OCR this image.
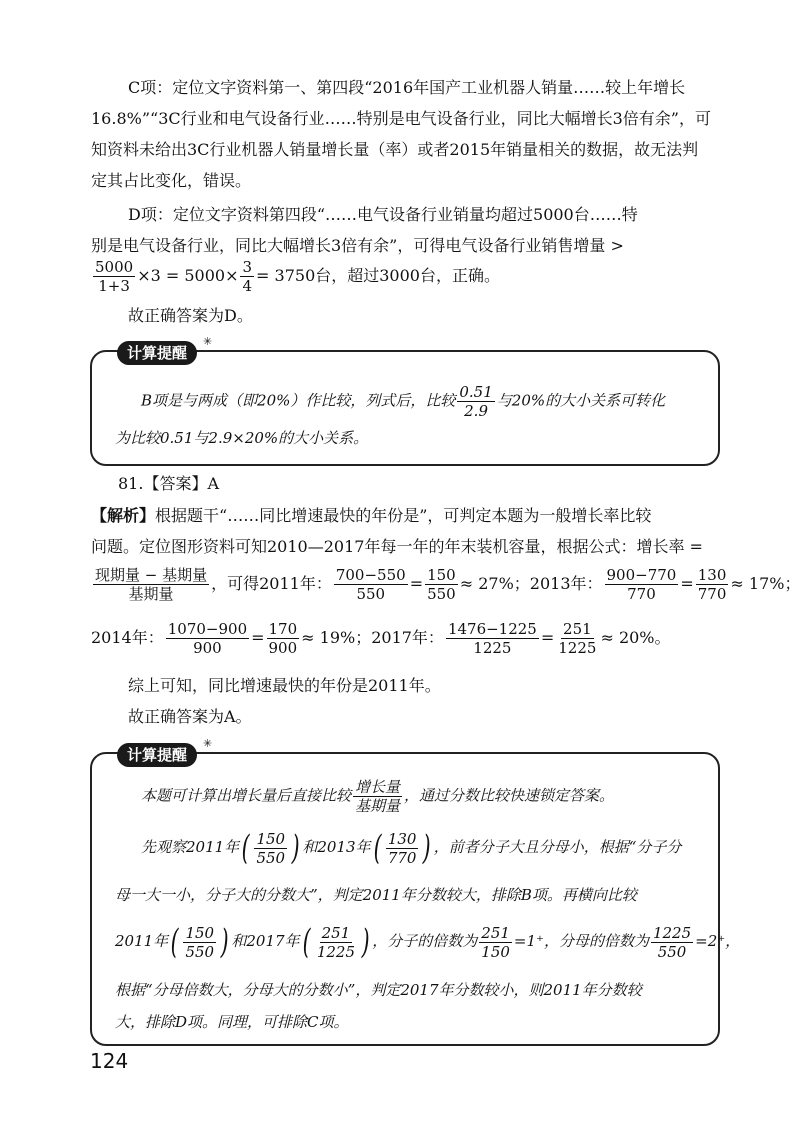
C项：定位文字资料第一、第四段“2016年国产工业机器人销量……较上年增长
16.8%”“3C行业和电气设备行业……特别是电气设备行业，同比大幅增长3倍有余”，可
知资料未给出3C行业机器人销量增长量（率）或者2015年销量相关的数据，故无法判
定其占比变化，错误。
D项：定位文字资料第四段“……电气设备行业销量均超过5000台……特
别是电气设备行业，同比大幅增长3倍有余”，可得电气设备行业销售增量 >
$\frac{5000}{1+3} \times 3 = 5000\times \frac{3}{4} = 3750$台，超过3000台，正确。
故正确答案为D。
计算提醒
✳
B项是与两成（即20%）作比较，列式后，比较 $\frac{0.51}{2.9}$ 与20%的大小关系可转化
为比较0.51与2.9×20%的大小关系。
81.【答案】A
【解析】根据题干“……同比增速最快的年份是”，可判定本题为一般增长率比较
问题。定位图形资料可知2010—2017年每一年的年末装机容量，根据公式：增长率 =
$\frac{\text{现期量 − 基期量}}{\text{基期量}}$ ，可得2011年： $\frac{700-550}{550} = \frac{150}{550} \approx 27\%$；2013年： $\frac{900-770}{770} = \frac{130}{770} \approx 17\%$；
2014年： $\frac{1070-900}{900} = \frac{170}{900} \approx 19\%$；2017年： $\frac{1476-1225}{1225} = \frac{251}{1225} \approx 20\%$。
综上可知，同比增速最快的年份是2011年。
故正确答案为A。
计算提醒
✳
本题可计算出增长量后直接比较 $\frac{\text{增长量}}{\text{基期量}}$ ，通过分数比较快速锁定答案。
先观察2011年 ( $\frac{150}{550}$ ) 和2013年 ( $\frac{130}{770}$ ) ，前者分子大且分母小，根据“分子分
母一大一小，分子大的分数大”，判定2011年分数较大，排除B项。再横向比较
2011年 ( $\frac{150}{550}$ ) 和2017年 ( $\frac{251}{1225}$ ) ，分子的倍数为 $\frac{251}{150} =1^+$，分母的倍数为 $\frac{1225}{550} =2^+$，
根据“分母倍数大，分母大的分数小”，判定2017年分数较小，则2011年分数较
大，排除D项。同理，可排除C项。
124
